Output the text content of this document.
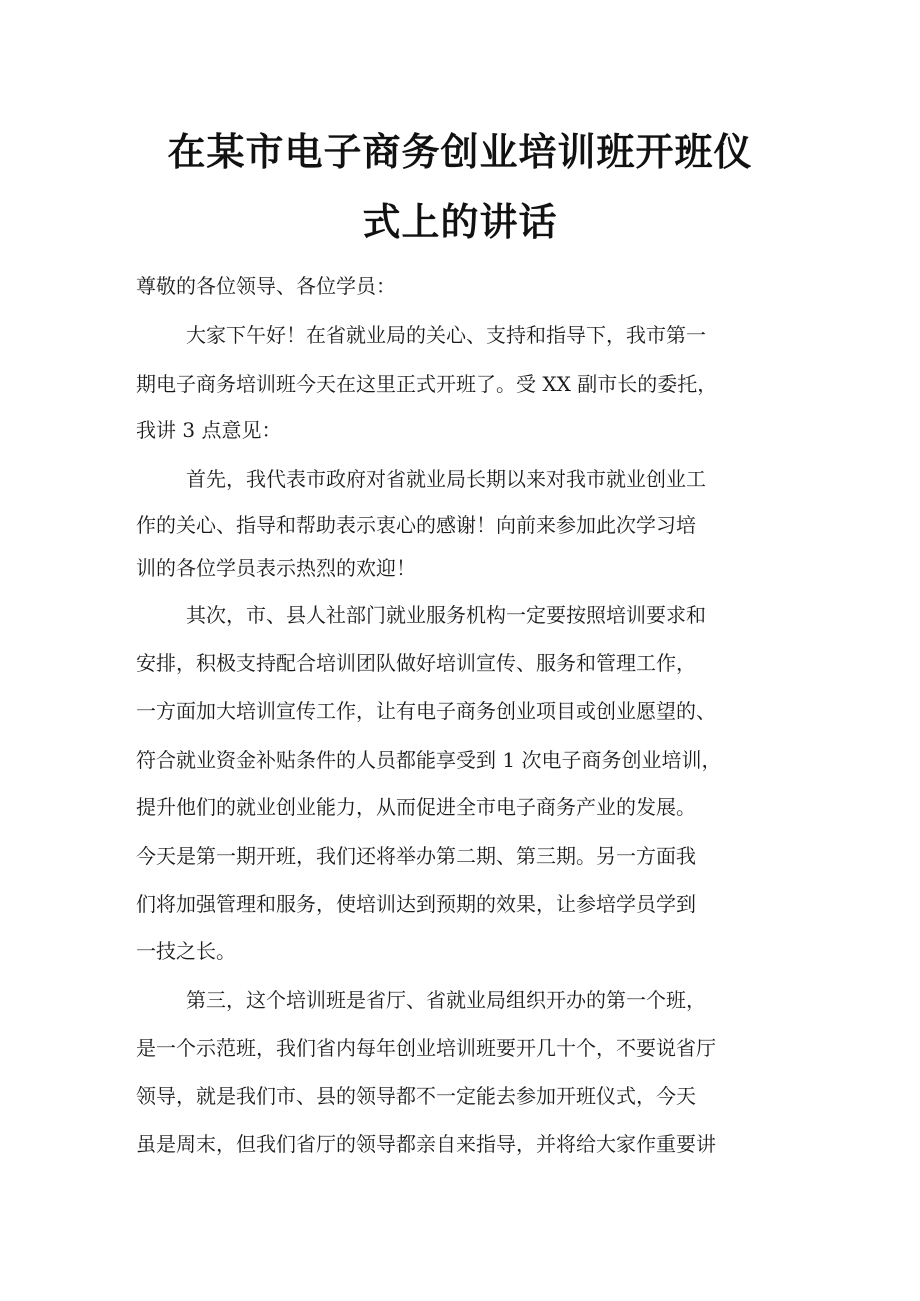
在某市电子商务创业培训班开班仪
式上的讲话

尊敬的各位领导、各位学员：

大家下午好！在省就业局的关心、支持和指导下，我市第一

期电子商务培训班今天在这里正式开班了。受 XX 副市长的委托，

我讲 3 点意见：

首先，我代表市政府对省就业局长期以来对我市就业创业工

作的关心、指导和帮助表示衷心的感谢！向前来参加此次学习培

训的各位学员表示热烈的欢迎！

其次，市、县人社部门就业服务机构一定要按照培训要求和

安排，积极支持配合培训团队做好培训宣传、服务和管理工作，

一方面加大培训宣传工作，让有电子商务创业项目或创业愿望的、

符合就业资金补贴条件的人员都能享受到 1 次电子商务创业培训，

提升他们的就业创业能力，从而促进全市电子商务产业的发展。

今天是第一期开班，我们还将举办第二期、第三期。另一方面我

们将加强管理和服务，使培训达到预期的效果，让参培学员学到

一技之长。

第三，这个培训班是省厅、省就业局组织开办的第一个班，

是一个示范班，我们省内每年创业培训班要开几十个，不要说省厅

领导，就是我们市、县的领导都不一定能去参加开班仪式，今天

虽是周末，但我们省厅的领导都亲自来指导，并将给大家作重要讲
